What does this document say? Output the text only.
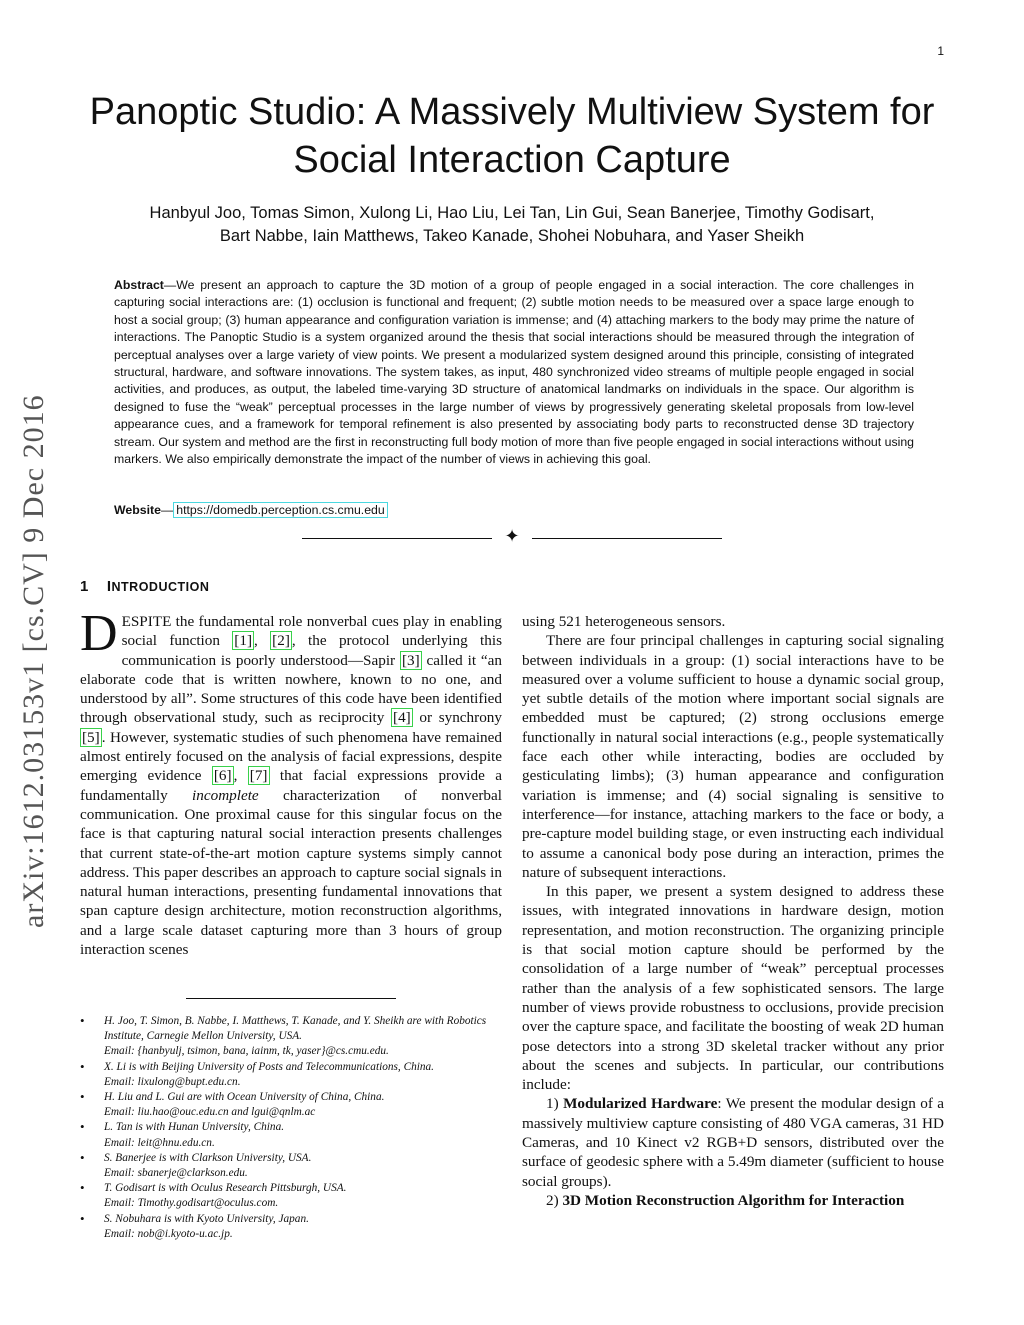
1
arXiv:1612.03153v1 [cs.CV] 9 Dec 2016
Panoptic Studio: A Massively Multiview System for Social Interaction Capture
Hanbyul Joo, Tomas Simon, Xulong Li, Hao Liu, Lei Tan, Lin Gui, Sean Banerjee, Timothy Godisart,
Bart Nabbe, Iain Matthews, Takeo Kanade, Shohei Nobuhara, and Yaser Sheikh
Abstract—We present an approach to capture the 3D motion of a group of people engaged in a social interaction. The core challenges in capturing social interactions are: (1) occlusion is functional and frequent; (2) subtle motion needs to be measured over a space large enough to host a social group; (3) human appearance and configuration variation is immense; and (4) attaching markers to the body may prime the nature of interactions. The Panoptic Studio is a system organized around the thesis that social interactions should be measured through the integration of perceptual analyses over a large variety of view points. We present a modularized system designed around this principle, consisting of integrated structural, hardware, and software innovations. The system takes, as input, 480 synchronized video streams of multiple people engaged in social activities, and produces, as output, the labeled time-varying 3D structure of anatomical landmarks on individuals in the space. Our algorithm is designed to fuse the “weak” perceptual processes in the large number of views by progressively generating skeletal proposals from low-level appearance cues, and a framework for temporal refinement is also presented by associating body parts to reconstructed dense 3D trajectory stream. Our system and method are the first in reconstructing full body motion of more than five people engaged in social interactions without using markers. We also empirically demonstrate the impact of the number of views in achieving this goal.
Website— https://domedb.perception.cs.cmu.edu
✦
1 INTRODUCTION

DESPITE the fundamental role nonverbal cues play in enabling social function [1] , [2] , the protocol underlying this communication is poorly understood—Sapir [3] called it “an elaborate code that is written nowhere, known to no one, and understood by all”. Some structures of this code have been identified through observational study, such as reciprocity [4] or synchrony [5] . However, systematic studies of such phenomena have remained almost entirely focused on the analysis of facial expressions, despite emerging evidence [6] , [7] that facial expressions provide a fundamentally incomplete characterization of nonverbal communication. One proximal cause for this singular focus on the face is that capturing natural social interaction presents challenges that current state-of-the-art motion capture systems simply cannot address. This paper describes an approach to capture social signals in natural human interactions, presenting fundamental innovations that span capture design architecture, motion reconstruction algorithms, and a large scale dataset capturing more than 3 hours of group interaction scenes

using 521 heterogeneous sensors.

There are four principal challenges in capturing social signaling between individuals in a group: (1) social interactions have to be measured over a volume sufficient to house a dynamic social group, yet subtle details of the motion where important social signals are embedded must be captured; (2) strong occlusions emerge functionally in natural social interactions (e.g., people systematically face each other while interacting, bodies are occluded by gesticulating limbs); (3) human appearance and configuration variation is immense; and (4) social signaling is sensitive to interference—for instance, attaching markers to the face or body, a pre-capture model building stage, or even instructing each individual to assume a canonical body pose during an interaction, primes the nature of subsequent interactions.

In this paper, we present a system designed to address these issues, with integrated innovations in hardware design, motion representation, and motion reconstruction. The organizing principle is that social motion capture should be performed by the consolidation of a large number of “weak” perceptual processes rather than the analysis of a few sophisticated sensors. The large number of views provide robustness to occlusions, provide precision over the capture space, and facilitate the boosting of weak 2D human pose detectors into a strong 3D skeletal tracker without any prior about the scenes and subjects. In particular, our contributions include:

1) Modularized Hardware: We present the modular design of a massively multiview capture consisting of 480 VGA cameras, 31 HD Cameras, and 10 Kinect v2 RGB+D sensors, distributed over the surface of geodesic sphere with a 5.49m diameter (sufficient to house social groups).

2) 3D Motion Reconstruction Algorithm for Interaction

• H. Joo, T. Simon, B. Nabbe, I. Matthews, T. Kanade, and Y. Sheikh are with Robotics Institute, Carnegie Mellon University, USA.
Email: {hanbyulj, tsimon, bana, iainm, tk, yaser}@cs.cmu.edu.
• X. Li is with Beijing University of Posts and Telecommunications, China.
Email: lixulong@bupt.edu.cn.
• H. Liu and L. Gui are with Ocean University of China, China.
Email: liu.hao@ouc.edu.cn and lgui@qnlm.ac
• L. Tan is with Hunan University, China.
Email: leit@hnu.edu.cn.
• S. Banerjee is with Clarkson University, USA.
Email: sbanerje@clarkson.edu.
• T. Godisart is with Oculus Research Pittsburgh, USA.
Email: Timothy.godisart@oculus.com.
• S. Nobuhara is with Kyoto University, Japan.
Email: nob@i.kyoto-u.ac.jp.
